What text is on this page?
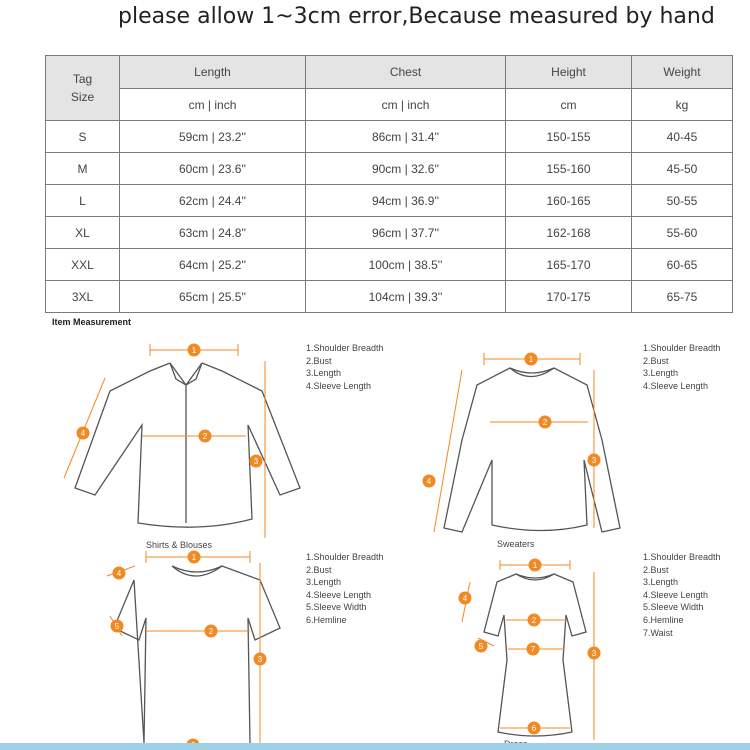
please allow 1~3cm error,Because measured by hand
Tag Size	Length	Chest	Height	Weight
	cm | inch	cm | inch	cm	kg
S	59cm | 23.2''	86cm | 31.4''	150-155	40-45
M	60cm | 23.6''	90cm | 32.6''	155-160	45-50
L	62cm | 24.4''	94cm | 36.9''	160-165	50-55
XL	63cm | 24.8''	96cm | 37.7''	162-168	55-60
XXL	64cm | 25.2''	100cm | 38.5''	165-170	60-65
3XL	65cm | 25.5''	104cm | 39.3''	170-175	65-75
Item Measurement
1
2
3
4
1.Shoulder Breadth
2.Bust
3.Length
4.Sleeve Length
Shirts & Blouses
1
2
3
4
1.Shoulder Breadth
2.Bust
3.Length
4.Sleeve Length
Sweaters
1
2
3
4
5
1.Shoulder Breadth
2.Bust
3.Length
4.Sleeve Length
5.Sleeve Width
6.Hemline
1
2
7	3
4
5
6
1.Shoulder Breadth
2.Bust
3.Length
4.Sleeve Length
5.Sleeve Width
6.Hemline
7.Waist
